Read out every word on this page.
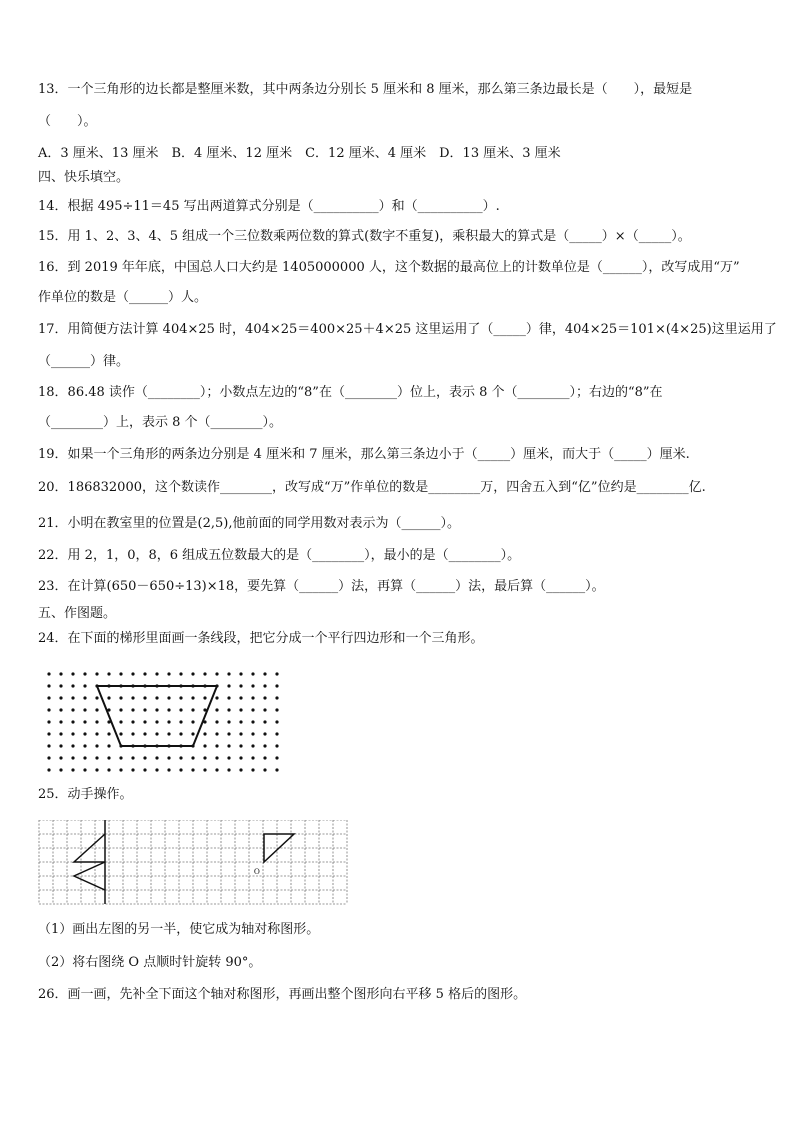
13．一个三角形的边长都是整厘米数，其中两条边分别长 5 厘米和 8 厘米，那么第三条边最长是（　　），最短是
（　　）。
A．3 厘米、13 厘米　B．4 厘米、12 厘米　C．12 厘米、4 厘米　D．13 厘米、3 厘米
四、快乐填空。
14．根据 495÷11＝45 写出两道算式分别是（__________）和（__________）.
15．用 1、2、3、4、5 组成一个三位数乘两位数的算式(数字不重复)，乘积最大的算式是（_____）×（_____）。
16．到 2019 年年底，中国总人口大约是 1405000000 人，这个数据的最高位上的计数单位是（______），改写成用“万”
作单位的数是（______）人。
17．用简便方法计算 404×25 时，404×25＝400×25＋4×25 这里运用了（_____）律，404×25＝101×(4×25)这里运用了
（______）律。
18．86.48 读作（________）；小数点左边的“8”在（________）位上，表示 8 个（________）；右边的“8”在
（________）上，表示 8 个（________）。
19．如果一个三角形的两条边分别是 4 厘米和 7 厘米，那么第三条边小于（_____）厘米，而大于（_____）厘米.
20．186832000，这个数读作________，改写成“万”作单位的数是________万，四舍五入到“亿”位约是________亿.
21．小明在教室里的位置是(2,5),他前面的同学用数对表示为（______）。
22．用 2，1，0，8，6 组成五位数最大的是（________），最小的是（________）。
23．在计算(650－650÷13)×18，要先算（______）法，再算（______）法，最后算（______）。
五、作图题。
24．在下面的梯形里面画一条线段，把它分成一个平行四边形和一个三角形。
25．动手操作。
O
（1）画出左图的另一半，使它成为轴对称图形。
（2）将右图绕 O 点顺时针旋转 90°。
26．画一画，先补全下面这个轴对称图形，再画出整个图形向右平移 5 格后的图形。
